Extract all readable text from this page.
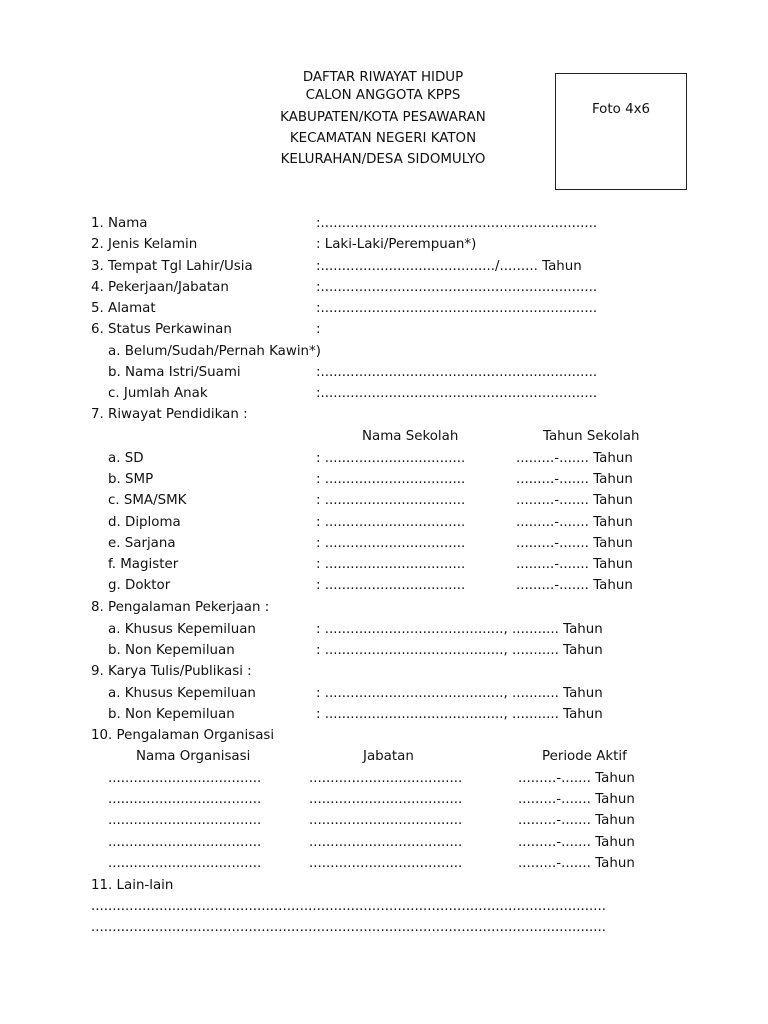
DAFTAR RIWAYAT HIDUP
CALON ANGGOTA KPPS
KABUPATEN/KOTA PESAWARAN
KECAMATAN NEGERI KATON
KELURAHAN/DESA SIDOMULYO
Foto 4x6
1. Nama	:.................................................................
2. Jenis Kelamin	: Laki-Laki/Perempuan*)
3. Tempat Tgl Lahir/Usia	:........................................./......... Tahun
4. Pekerjaan/Jabatan	:.................................................................
5. Alamat	:.................................................................
6. Status Perkawinan	:
a. Belum/Sudah/Pernah Kawin*)
b. Nama Istri/Suami	:.................................................................
c. Jumlah Anak	:.................................................................
7. Riwayat Pendidikan :
Nama Sekolah	Tahun Sekolah
a. SD	: .................................	.........-....... Tahun
b. SMP	: .................................	.........-....... Tahun
c. SMA/SMK	: .................................	.........-....... Tahun
d. Diploma	: .................................	.........-....... Tahun
e. Sarjana	: .................................	.........-....... Tahun
f. Magister	: .................................	.........-....... Tahun
g. Doktor	: .................................	.........-....... Tahun
8. Pengalaman Pekerjaan :
a. Khusus Kepemiluan	: .........................................., ........... Tahun
b. Non Kepemiluan	: .........................................., ........... Tahun
9. Karya Tulis/Publikasi :
a. Khusus Kepemiluan	: .........................................., ........... Tahun
b. Non Kepemiluan	: .........................................., ........... Tahun
10. Pengalaman Organisasi
Nama Organisasi	Jabatan	Periode Aktif
....................................	....................................	.........-....... Tahun
....................................	....................................	.........-....... Tahun
....................................	....................................	.........-....... Tahun
....................................	....................................	.........-....... Tahun
....................................	....................................	.........-....... Tahun
11. Lain-lain
.........................................................................................................................
.........................................................................................................................
